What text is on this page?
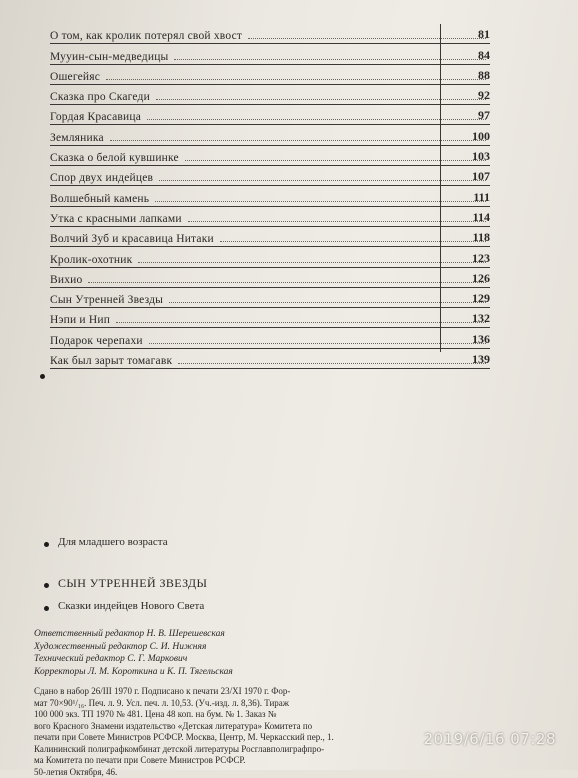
О том, как кролик потерял свой хвост	81
Мууин-сын-медведицы	84
Ошегейяс	88
Сказка про Скагеди	92
Гордая Красавица	97
Земляника	100
Сказка о белой кувшинке	103
Спор двух индейцев	107
Волшебный камень	111
Утка с красными лапками	114
Волчий Зуб и красавица Нитаки	118
Кролик-охотник	123
Вихио	126
Сын Утренней Звезды	129
Нэпи и Нип	132
Подарок черепахи	136
Как был зарыт томагавк	139
Для младшего возраста
СЫН УТРЕННЕЙ ЗВЕЗДЫ
Сказки индейцев Нового Света
Ответственный редактор Н. В. Шерешевская
Художественный редактор С. И. Нижняя
Технический редактор С. Г. Маркович
Корректоры Л. М. Короткина и К. П. Тягельская
Сдано в набор 26/III 1970 г. Подписано к печати 23/XI 1970 г. Фор-
мат 70×90¹/₁₆. Печ. л. 9. Усл. печ. л. 10,53. (Уч.-изд. л. 8,36). Тираж
100 000 экз. ТП 1970 № 481. Цена 48 коп. на бум. № 1. Заказ №
вого Красного Знамени издательство «Детская литература» Комитета по
печати при Совете Министров РСФСР. Москва, Центр, М. Черкасский пер., 1.
Калининский полиграфкомбинат детской литературы Росглавполиграфпро-
ма Комитета по печати при Совете Министров РСФСР.
50-летия Октября, 46.
2019/6/16 07:28
